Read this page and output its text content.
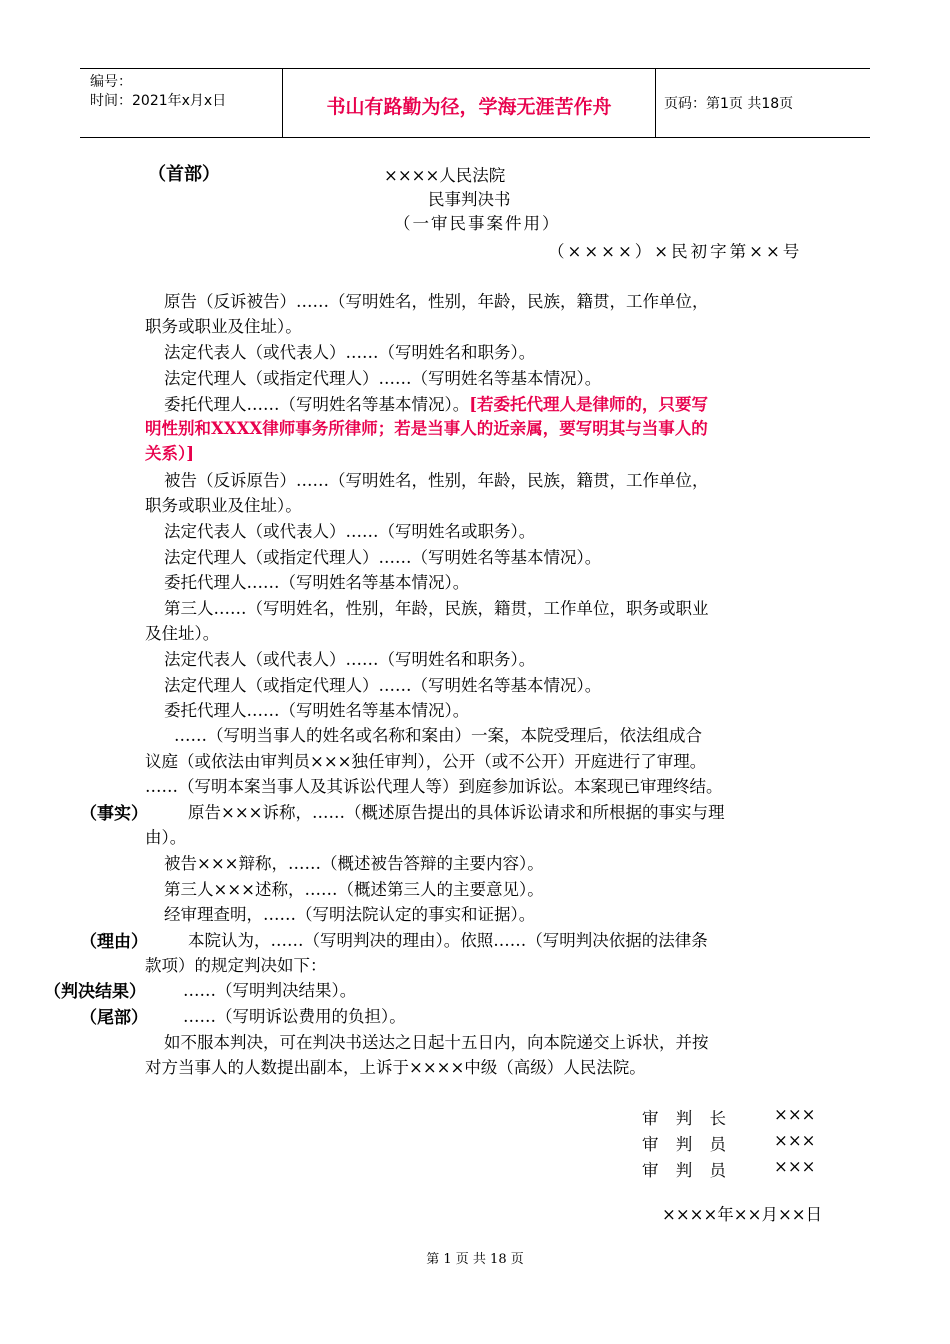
编号：
时间：2021年x月x日	书山有路勤为径，学海无涯苦作舟	页码：第1页 共18页
（首部）	××××人民法院
民事判决书
（一审民事案件用）
（××××）×民初字第××号
原告（反诉被告）……（写明姓名，性别，年龄，民族，籍贯，工作单位，
职务或职业及住址）。
法定代表人（或代表人）……（写明姓名和职务）。
法定代理人（或指定代理人）……（写明姓名等基本情况）。
委托代理人……（写明姓名等基本情况）。[若委托代理人是律师的，只要写
明性别和XXXX律师事务所律师；若是当事人的近亲属，要写明其与当事人的
关系）]
被告（反诉原告）……（写明姓名，性别，年龄，民族，籍贯，工作单位，
职务或职业及住址）。
法定代表人（或代表人）……（写明姓名或职务）。
法定代理人（或指定代理人）……（写明姓名等基本情况）。
委托代理人……（写明姓名等基本情况）。
第三人……（写明姓名，性别，年龄，民族，籍贯，工作单位，职务或职业
及住址）。
法定代表人（或代表人）……（写明姓名和职务）。
法定代理人（或指定代理人）……（写明姓名等基本情况）。
委托代理人……（写明姓名等基本情况）。
……（写明当事人的姓名或名称和案由）一案，本院受理后，依法组成合
议庭（或依法由审判员×××独任审判），公开（或不公开）开庭进行了审理。
……（写明本案当事人及其诉讼代理人等）到庭参加诉讼。本案现已审理终结。
（事实） 原告×××诉称，……（概述原告提出的具体诉讼请求和所根据的事实与理
由）。
被告×××辩称，……（概述被告答辩的主要内容）。
第三人×××述称，……（概述第三人的主要意见）。
经审理查明，……（写明法院认定的事实和证据）。
（理由） 本院认为，……（写明判决的理由）。依照……（写明判决依据的法律条
款项）的规定判决如下：
（判决结果） ……（写明判决结果）。
（尾部） ……（写明诉讼费用的负担）。
如不服本判决，可在判决书送达之日起十五日内，向本院递交上诉状，并按
对方当事人的人数提出副本，上诉于××××中级（高级）人民法院。
审 判 长	×××
审 判 员	×××
审 判 员	×××
××××年××月××日
第 1 页 共 18 页
